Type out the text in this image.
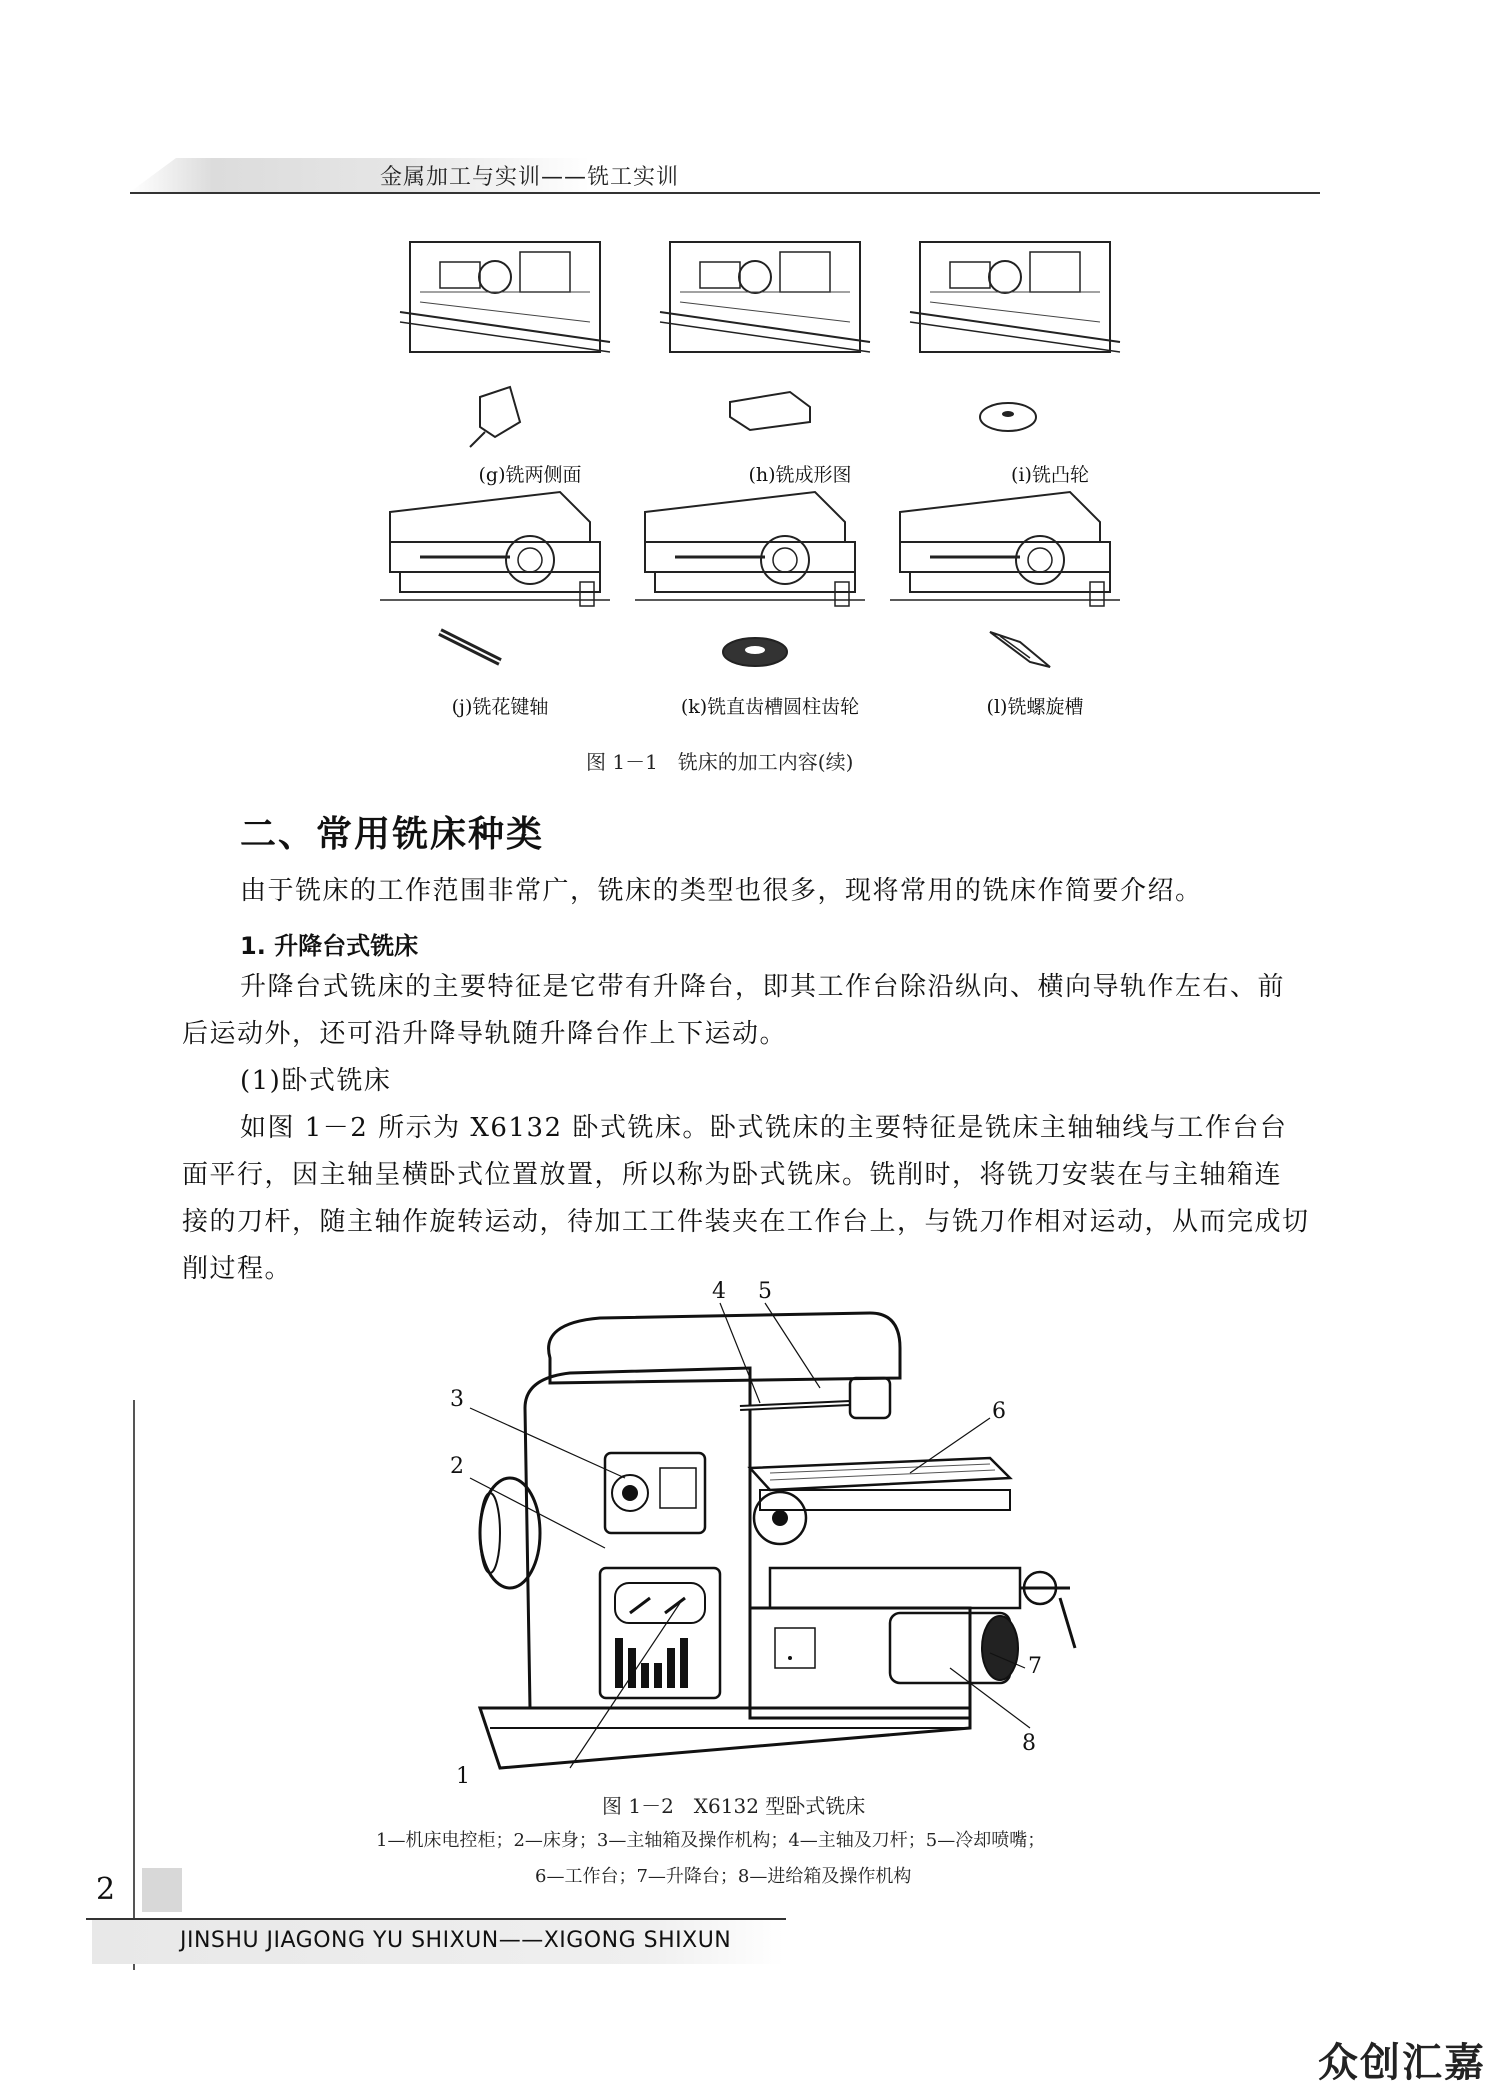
金属加工与实训——铣工实训
(g)铣两侧面	(h)铣成形图	(i)铣凸轮
(j)铣花键轴	(k)铣直齿槽圆柱齿轮	(l)铣螺旋槽
图 1－1　铣床的加工内容(续)
二、常用铣床种类
由于铣床的工作范围非常广，铣床的类型也很多，现将常用的铣床作简要介绍。
1. 升降台式铣床
升降台式铣床的主要特征是它带有升降台，即其工作台除沿纵向、横向导轨作左右、前
后运动外，还可沿升降导轨随升降台作上下运动。
(1)卧式铣床
如图 1－2 所示为 X6132 卧式铣床。卧式铣床的主要特征是铣床主轴轴线与工作台台
面平行，因主轴呈横卧式位置放置，所以称为卧式铣床。铣削时，将铣刀安装在与主轴箱连
接的刀杆，随主轴作旋转运动，待加工工件装夹在工作台上，与铣刀作相对运动，从而完成切
削过程。
1
2
3
4 5
6
7
8
图 1－2　X6132 型卧式铣床
1—机床电控柜；2—床身；3—主轴箱及操作机构；4—主轴及刀杆；5—冷却喷嘴；
6—工作台；7—升降台；8—进给箱及操作机构
2
JINSHU JIAGONG YU SHIXUN——XIGONG SHIXUN
众创汇嘉
